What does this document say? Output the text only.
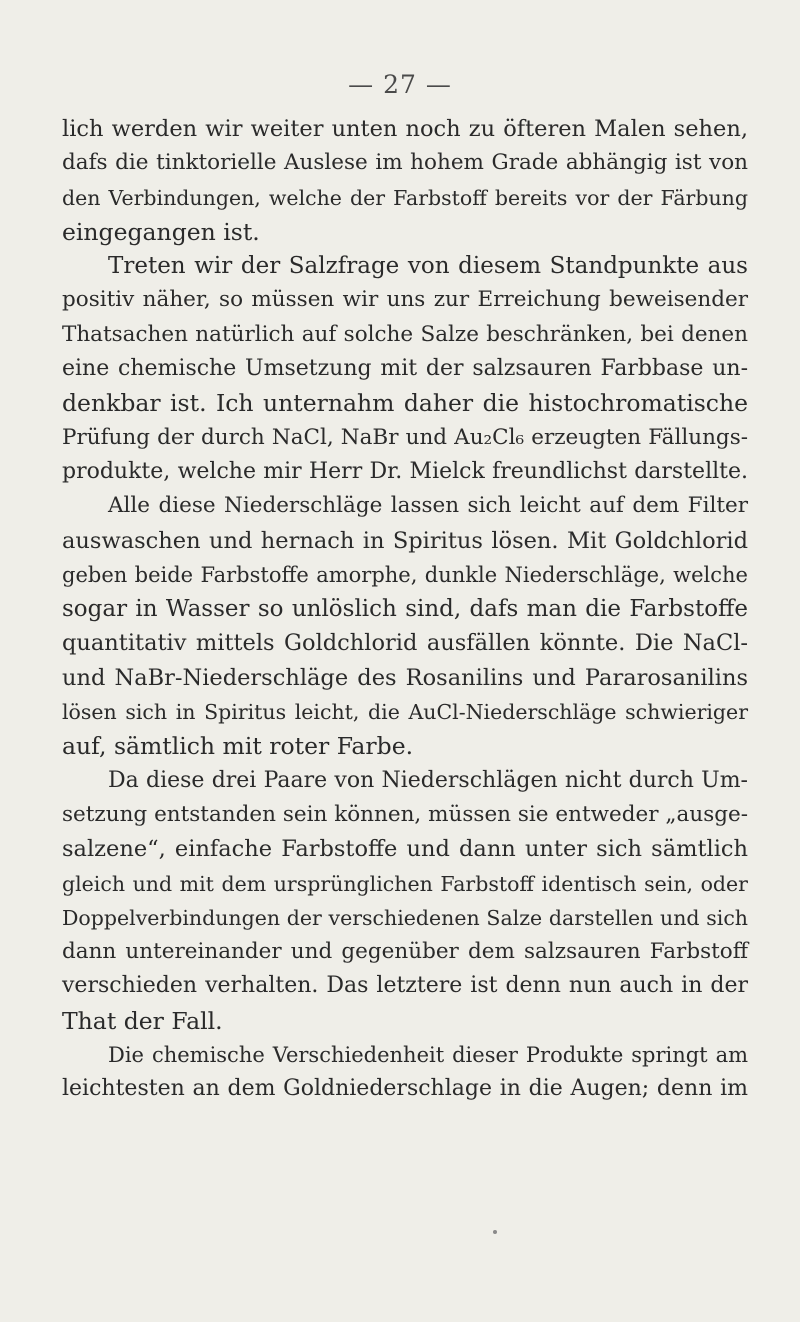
— 27 —
lich werden wir weiter unten noch zu öfteren Malen sehen,
dafs die tinktorielle Auslese im hohem Grade abhängig ist von
den Verbindungen, welche der Farbstoff bereits vor der Färbung
eingegangen ist.
Treten wir der Salzfrage von diesem Standpunkte aus
positiv näher, so müssen wir uns zur Erreichung beweisender
Thatsachen natürlich auf solche Salze beschränken, bei denen
eine chemische Umsetzung mit der salzsauren Farbbase un-
denkbar ist. Ich unternahm daher die histochromatische
Prüfung der durch NaCl, NaBr und Au₂Cl₆ erzeugten Fällungs-
produkte, welche mir Herr Dr. Mielck freundlichst darstellte.
Alle diese Niederschläge lassen sich leicht auf dem Filter
auswaschen und hernach in Spiritus lösen. Mit Goldchlorid
geben beide Farbstoffe amorphe, dunkle Niederschläge, welche
sogar in Wasser so unlöslich sind, dafs man die Farbstoffe
quantitativ mittels Goldchlorid ausfällen könnte. Die NaCl-
und NaBr-Niederschläge des Rosanilins und Pararosanilins
lösen sich in Spiritus leicht, die AuCl-Niederschläge schwieriger
auf, sämtlich mit roter Farbe.
Da diese drei Paare von Niederschlägen nicht durch Um-
setzung entstanden sein können, müssen sie entweder „ausge-
salzene“, einfache Farbstoffe und dann unter sich sämtlich
gleich und mit dem ursprünglichen Farbstoff identisch sein, oder
Doppelverbindungen der verschiedenen Salze darstellen und sich
dann untereinander und gegenüber dem salzsauren Farbstoff
verschieden verhalten. Das letztere ist denn nun auch in der
That der Fall.
Die chemische Verschiedenheit dieser Produkte springt am
leichtesten an dem Goldniederschlage in die Augen; denn im
